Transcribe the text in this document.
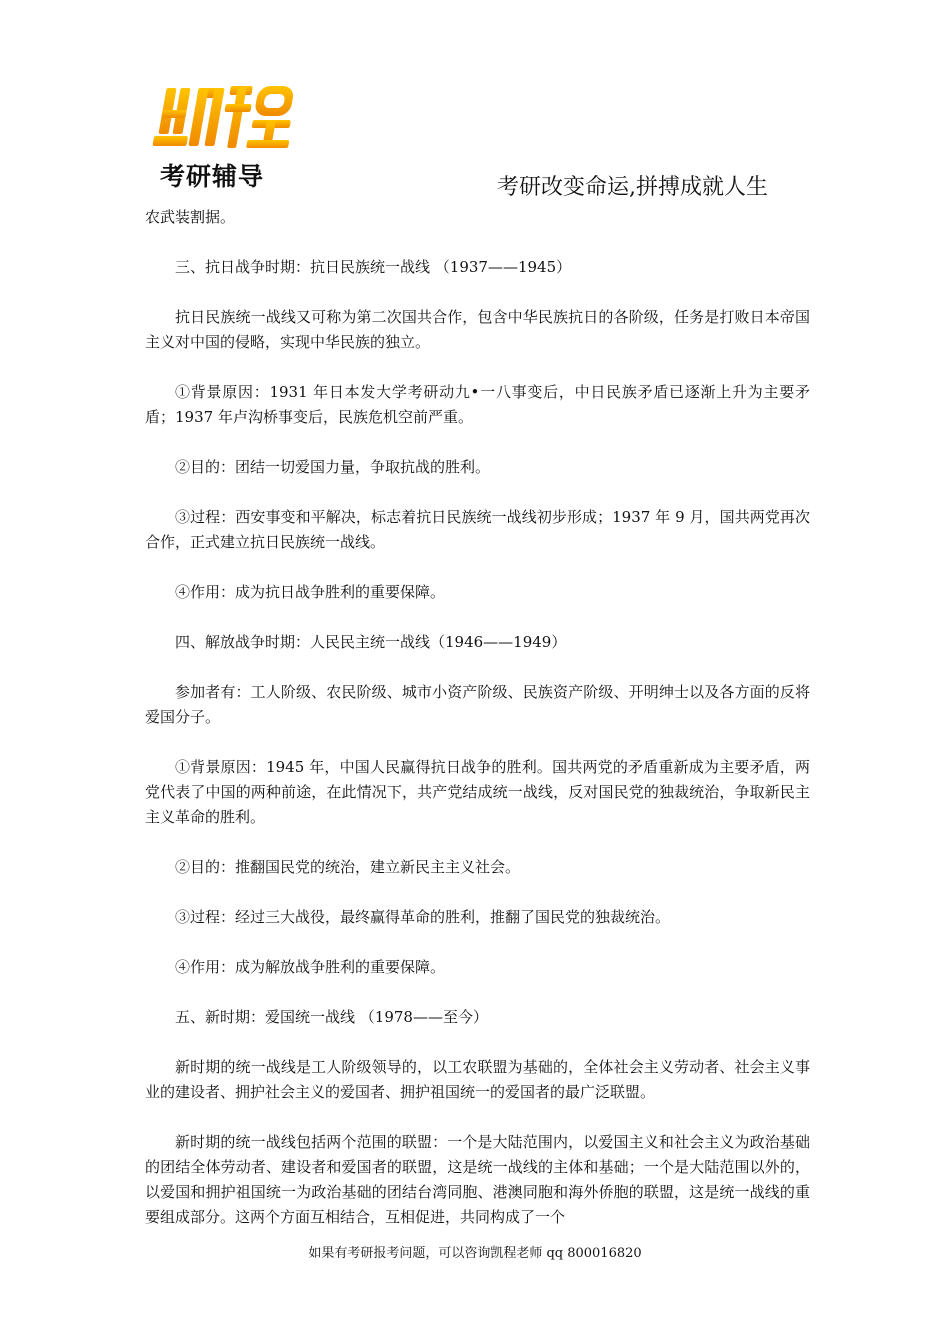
考研辅导	考研改变命运,拼搏成就人生

农武装割据。

三、抗日战争时期：抗日民族统一战线 （1937——1945）

抗日民族统一战线又可称为第二次国共合作，包含中华民族抗日的各阶级，任务是打败日本帝国主义对中国的侵略，实现中华民族的独立。

①背景原因：1931 年日本发大学考研动九•一八事变后，中日民族矛盾已逐渐上升为主要矛盾；1937 年卢沟桥事变后，民族危机空前严重。

②目的：团结一切爱国力量，争取抗战的胜利。

③过程：西安事变和平解决，标志着抗日民族统一战线初步形成；1937 年 9 月，国共两党再次合作，正式建立抗日民族统一战线。

④作用：成为抗日战争胜利的重要保障。

四、解放战争时期：人民民主统一战线（1946——1949）

参加者有：工人阶级、农民阶级、城市小资产阶级、民族资产阶级、开明绅士以及各方面的反将爱国分子。

①背景原因：1945 年，中国人民赢得抗日战争的胜利。国共两党的矛盾重新成为主要矛盾，两党代表了中国的两种前途，在此情况下，共产党结成统一战线，反对国民党的独裁统治，争取新民主主义革命的胜利。

②目的：推翻国民党的统治，建立新民主主义社会。

③过程：经过三大战役，最终赢得革命的胜利，推翻了国民党的独裁统治。

④作用：成为解放战争胜利的重要保障。

五、新时期：爱国统一战线 （1978——至今）

新时期的统一战线是工人阶级领导的，以工农联盟为基础的，全体社会主义劳动者、社会主义事业的建设者、拥护社会主义的爱国者、拥护祖国统一的爱国者的最广泛联盟。

新时期的统一战线包括两个范围的联盟：一个是大陆范围内，以爱国主义和社会主义为政治基础的团结全体劳动者、建设者和爱国者的联盟，这是统一战线的主体和基础；一个是大陆范围以外的，以爱国和拥护祖国统一为政治基础的团结台湾同胞、港澳同胞和海外侨胞的联盟，这是统一战线的重要组成部分。这两个方面互相结合，互相促进，共同构成了一个

如果有考研报考问题，可以咨询凯程老师 qq 800016820
